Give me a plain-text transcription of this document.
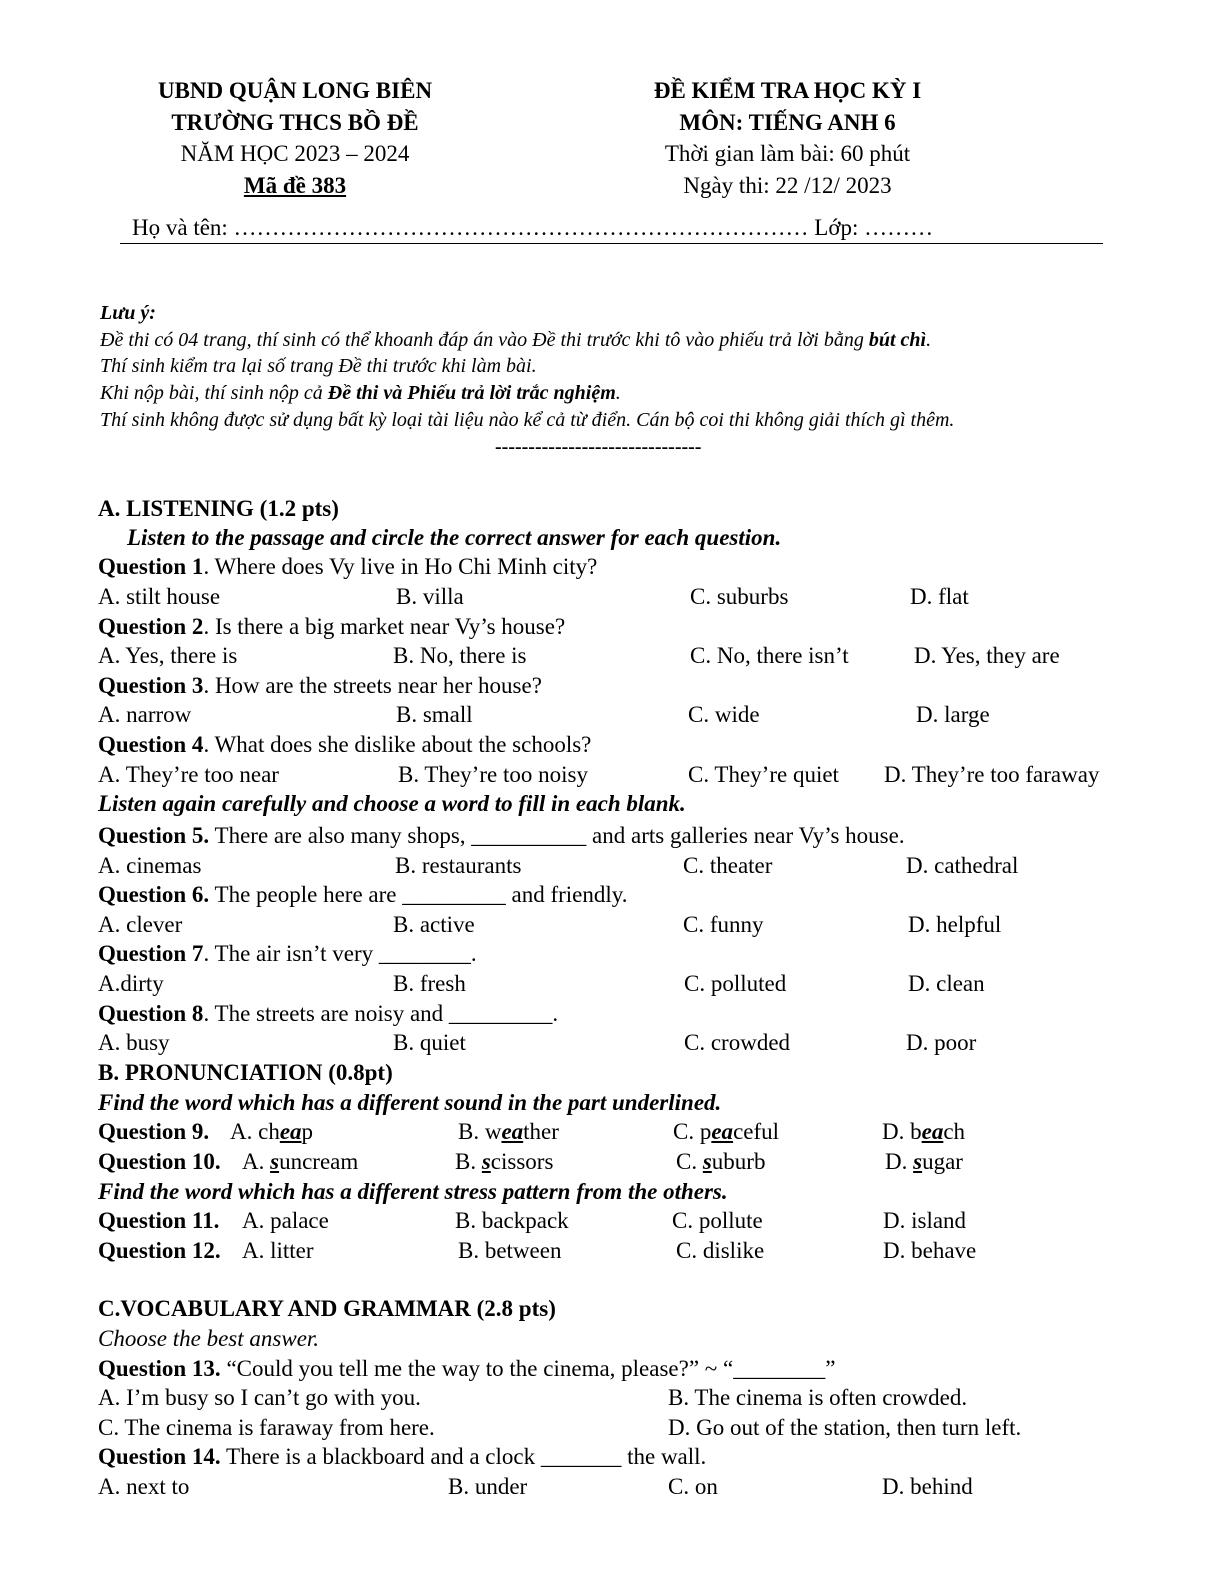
UBND QUẬN LONG BIÊN
TRƯỜNG THCS BỒ ĐỀ
NĂM HỌC 2023 – 2024
Mã đề 383
ĐỀ KIỂM TRA HỌC KỲ I
MÔN: TIẾNG ANH 6
Thời gian làm bài: 60 phút
Ngày thi: 22 /12/ 2023
Họ và tên: ………………………………………………………………… Lớp: ………
Lưu ý:
Đề thi có 04 trang, thí sinh có thể khoanh đáp án vào Đề thi trước khi tô vào phiếu trả lời bằng bút chì.
Thí sinh kiểm tra lại số trang Đề thi trước khi làm bài.
Khi nộp bài, thí sinh nộp cả Đề thi và Phiếu trả lời trắc nghiệm.
Thí sinh không được sử dụng bất kỳ loại tài liệu nào kể cả từ điển. Cán bộ coi thi không giải thích gì thêm.
-------------------------------
A. LISTENING (1.2 pts)
Listen to the passage and circle the correct answer for each question.
Question 1. Where does Vy live in Ho Chi Minh city?
A. stilt house	B. villa	C. suburbs	D. flat
Question 2. Is there a big market near Vy’s house?
A. Yes, there is	B. No, there is	C. No, there isn’t	D. Yes, they are
Question 3. How are the streets near her house?
A. narrow	B. small	C. wide	D. large
Question 4. What does she dislike about the schools?
A. They’re too near	B. They’re too noisy	C. They’re quiet D. They’re too faraway
Listen again carefully and choose a word to fill in each blank.
Question 5. There are also many shops, __________ and arts galleries near Vy’s house.
A. cinemas	B. restaurants	C. theater	D. cathedral
Question 6. The people here are _________ and friendly.
A. clever	B. active	C. funny	D. helpful
Question 7. The air isn’t very ________.
A.dirty	B. fresh	C. polluted	D. clean
Question 8. The streets are noisy and _________.
A. busy	B. quiet	C. crowded	D. poor
B. PRONUNCIATION (0.8pt)
Find the word which has a different sound in the part underlined.
Question 9. A. cheap	B. weather	C. peaceful	D. beach
Question 10. A. suncream	B. scissors	C. suburb	D. sugar
Find the word which has a different stress pattern from the others.
Question 11. A. palace	B. backpack	C. pollute	D. island
Question 12. A. litter	B. between	C. dislike	D. behave
C.VOCABULARY AND GRAMMAR (2.8 pts)
Choose the best answer.
Question 13. “Could you tell me the way to the cinema, please?” ~ “________”
A. I’m busy so I can’t go with you.	B. The cinema is often crowded.
C. The cinema is faraway from here.	D. Go out of the station, then turn left.
Question 14. There is a blackboard and a clock _______ the wall.
A. next to	B. under	C. on	D. behind
